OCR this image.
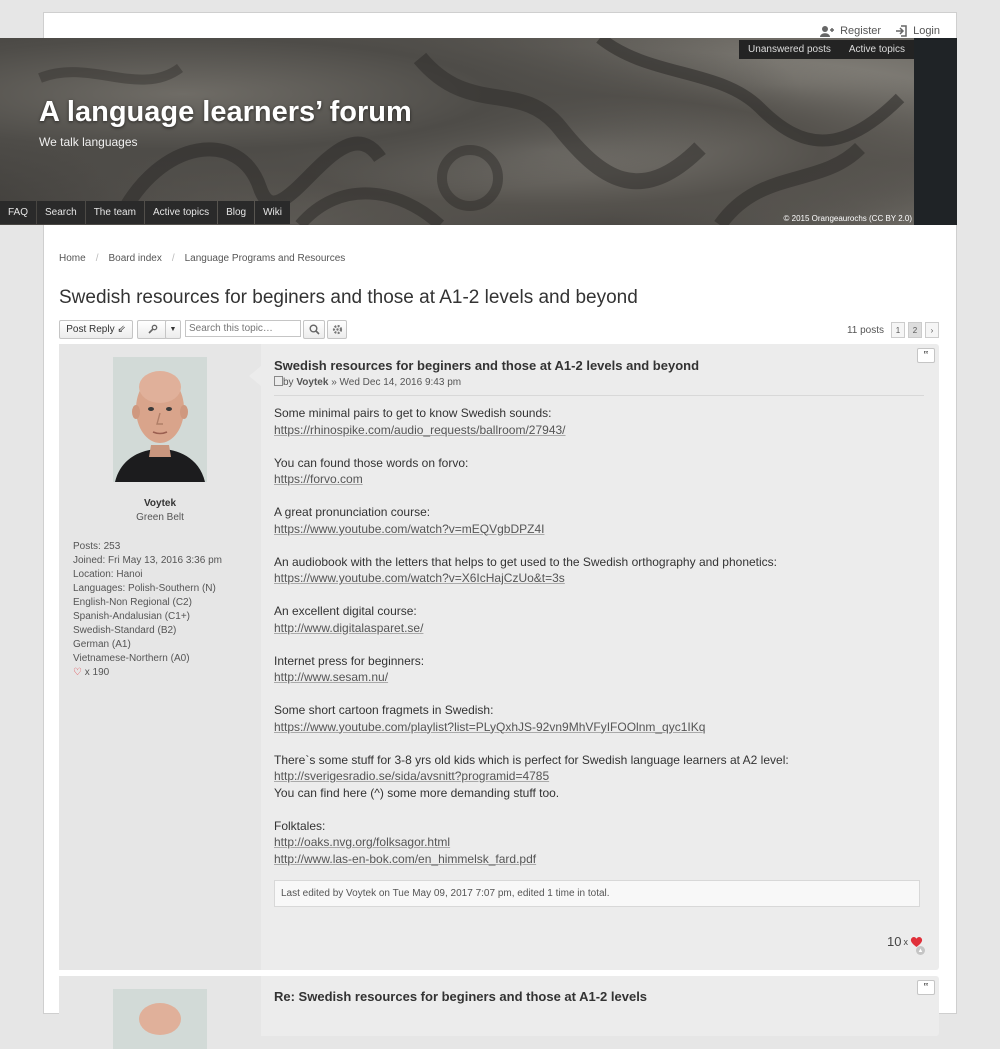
Register	Login
A language learners’ forum
We talk languages
Unanswered posts	Active topics
FAQ	Search	The team	Active topics	Blog	Wiki
© 2015 Orangeaurochs (CC BY 2.0)
Home / Board index / Language Programs and Resources
Swedish resources for beginers and those at A1-2 levels and beyond
Post Reply
⇙	▼
Search this topic…	11 posts	1	2	›
Voytek
Green Belt
Posts: 253
Joined: Fri May 13, 2016 3:36 pm
Location: Hanoi
Languages: Polish-Southern (N)
English-Non Regional (C2)
Spanish-Andalusian (C1+)
Swedish-Standard (B2)
German (A1)
Vietnamese-Northern (A0)
♡ x 190
‟
Swedish resources for beginers and those at A1-2 levels and beyond
by Voytek » Wed Dec 14, 2016 9:43 pm

Some minimal pairs to get to know Swedish sounds:
https://rhinospike.com/audio_requests/ballroom/27943/

You can found those words on forvo:
https://forvo.com

A great pronunciation course:
https://www.youtube.com/watch?v=mEQVgbDPZ4I

An audiobook with the letters that helps to get used to the Swedish orthography and phonetics:
https://www.youtube.com/watch?v=X6IcHajCzUo&t=3s

An excellent digital course:
http://www.digitalasparet.se/

Internet press for beginners:
http://www.sesam.nu/

Some short cartoon fragmets in Swedish:
https://www.youtube.com/playlist?list=PLyQxhJS-92vn9MhVFyIFOOlnm_qyc1IKq

There`s some stuff for 3-8 yrs old kids which is perfect for Swedish language learners at A2 level:
http://sverigesradio.se/sida/avsnitt?programid=4785
You can find here (^) some more demanding stuff too.

Folktales:
http://oaks.nvg.org/folksagor.html
http://www.las-en-bok.com/en_himmelsk_fard.pdf

Last edited by Voytek on Tue May 09, 2017 7:07 pm, edited 1 time in total.
10 x
▲
‟
Re: Swedish resources for beginers and those at A1-2 levels
